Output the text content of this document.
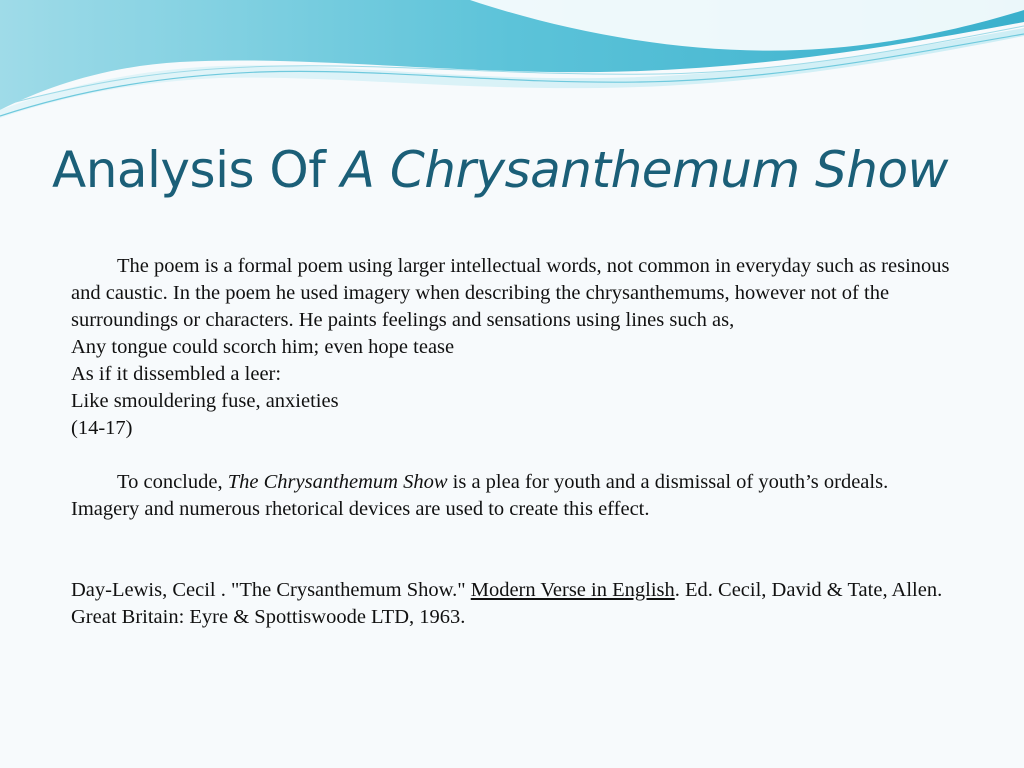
Analysis Of A Chrysanthemum Show

The poem is a formal poem using larger intellectual words, not common in everyday such as resinous and caustic. In the poem he used imagery when describing the chrysanthemums, however not of the surroundings or characters. He paints feelings and sensations using lines such as,

Any tongue could scorch him; even hope tease

As if it dissembled a leer:

Like smouldering fuse, anxieties

(14-17)

To conclude, The Chrysanthemum Show is a plea for youth and a dismissal of youth’s ordeals. Imagery and numerous rhetorical devices are used to create this effect.

Day-Lewis, Cecil . "The Crysanthemum Show." Modern Verse in English. Ed. Cecil, David & Tate, Allen. Great Britain: Eyre & Spottiswoode LTD, 1963.
